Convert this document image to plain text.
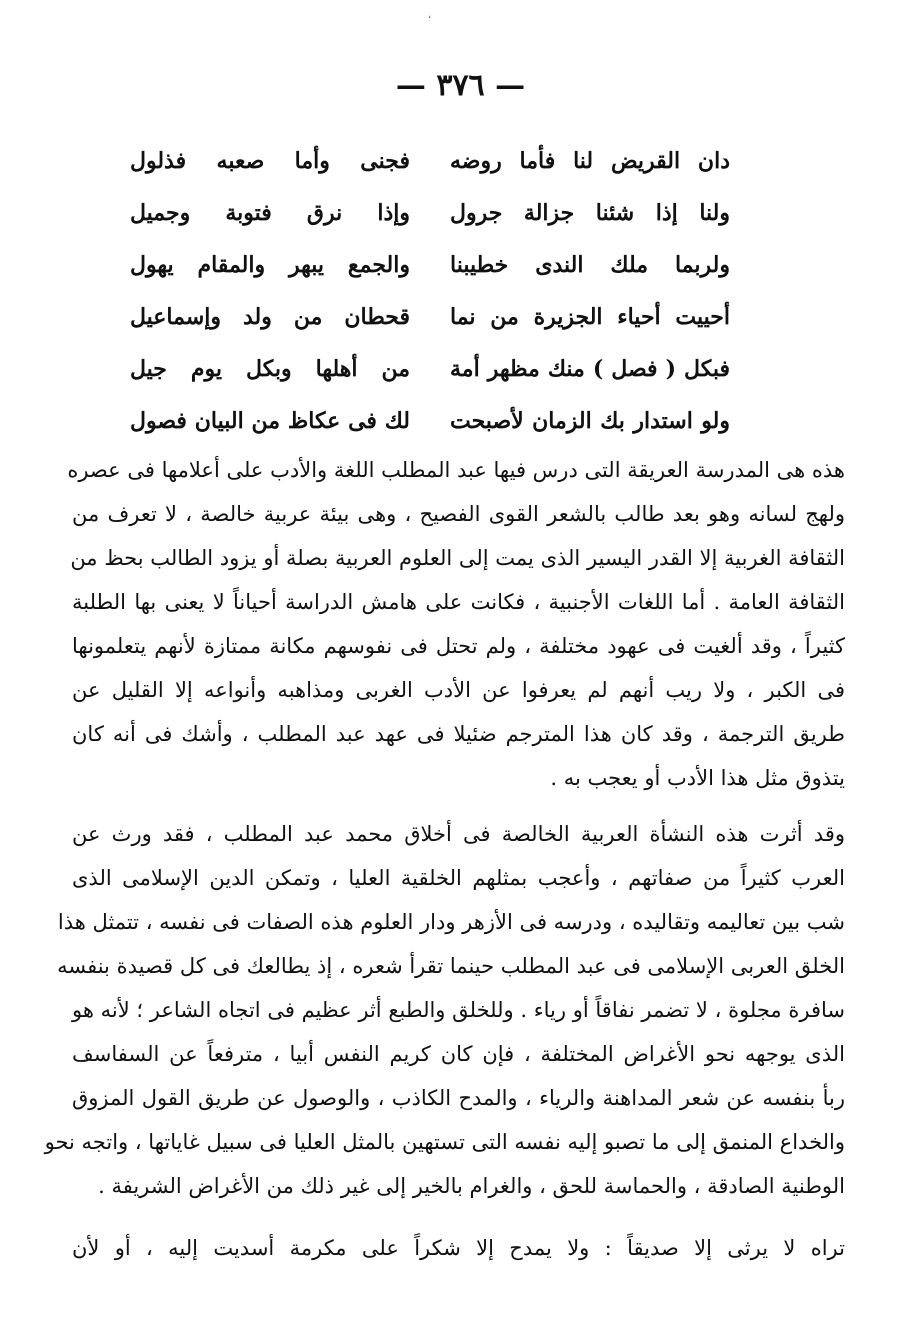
،
— ٣٧٦ —
دان القريض لنا فأما روضه
فجنى وأما صعبه فذلول
ولنا إذا شئنا جزالة جرول
وإذا نرق فتوبة وجميل
ولربما ملك الندى خطيبنا
والجمع يبهر والمقام يهول
أحييت أحياء الجزيرة من نما
قحطان من ولد وإسماعيل
فبكل ( فصل ) منك مظهر أمة
من أهلها وبكل يوم جيل
ولو استدار بك الزمان لأصبحت
لك فى عكاظ من البيان فصول
هذه هى المدرسة العريقة التى درس فيها عبد المطلب اللغة والأدب على أعلامها فى عصره
ولهج لسانه وهو بعد طالب بالشعر القوى الفصيح ، وهى بيئة عربية خالصة ، لا تعرف من
الثقافة الغربية إلا القدر اليسير الذى يمت إلى العلوم العربية بصلة أو يزود الطالب بحظ من
الثقافة العامة . أما اللغات الأجنبية ، فكانت على هامش الدراسة أحياناً لا يعنى بها الطلبة
كثيراً ، وقد ألغيت فى عهود مختلفة ، ولم تحتل فى نفوسهم مكانة ممتازة لأنهم يتعلمونها
فى الكبر ، ولا ريب أنهم لم يعرفوا عن الأدب الغربى ومذاهبه وأنواعه إلا القليل عن
طريق الترجمة ، وقد كان هذا المترجم ضئيلا فى عهد عبد المطلب ، وأشك فى أنه كان
يتذوق مثل هذا الأدب أو يعجب به .
وقد أثرت هذه النشأة العربية الخالصة فى أخلاق محمد عبد المطلب ، فقد ورث عن
العرب كثيراً من صفاتهم ، وأعجب بمثلهم الخلقية العليا ، وتمكن الدين الإسلامى الذى
شب بين تعاليمه وتقاليده ، ودرسه فى الأزهر ودار العلوم هذه الصفات فى نفسه ، تتمثل هذا
الخلق العربى الإسلامى فى عبد المطلب حينما تقرأ شعره ، إذ يطالعك فى كل قصيدة بنفسه
سافرة مجلوة ، لا تضمر نفاقاً أو رياء . وللخلق والطبع أثر عظيم فى اتجاه الشاعر ؛ لأنه هو
الذى يوجهه نحو الأغراض المختلفة ، فإن كان كريم النفس أبيا ، مترفعاً عن السفاسف
ربأ بنفسه عن شعر المداهنة والرياء ، والمدح الكاذب ، والوصول عن طريق القول المزوق
والخداع المنمق إلى ما تصبو إليه نفسه التى تستهين بالمثل العليا فى سبيل غاياتها ، واتجه نحو
الوطنية الصادقة ، والحماسة للحق ، والغرام بالخير إلى غير ذلك من الأغراض الشريفة .
تراه لا يرثى إلا صديقاً : ولا يمدح إلا شكراً على مكرمة أسديت إليه ، أو لأن
